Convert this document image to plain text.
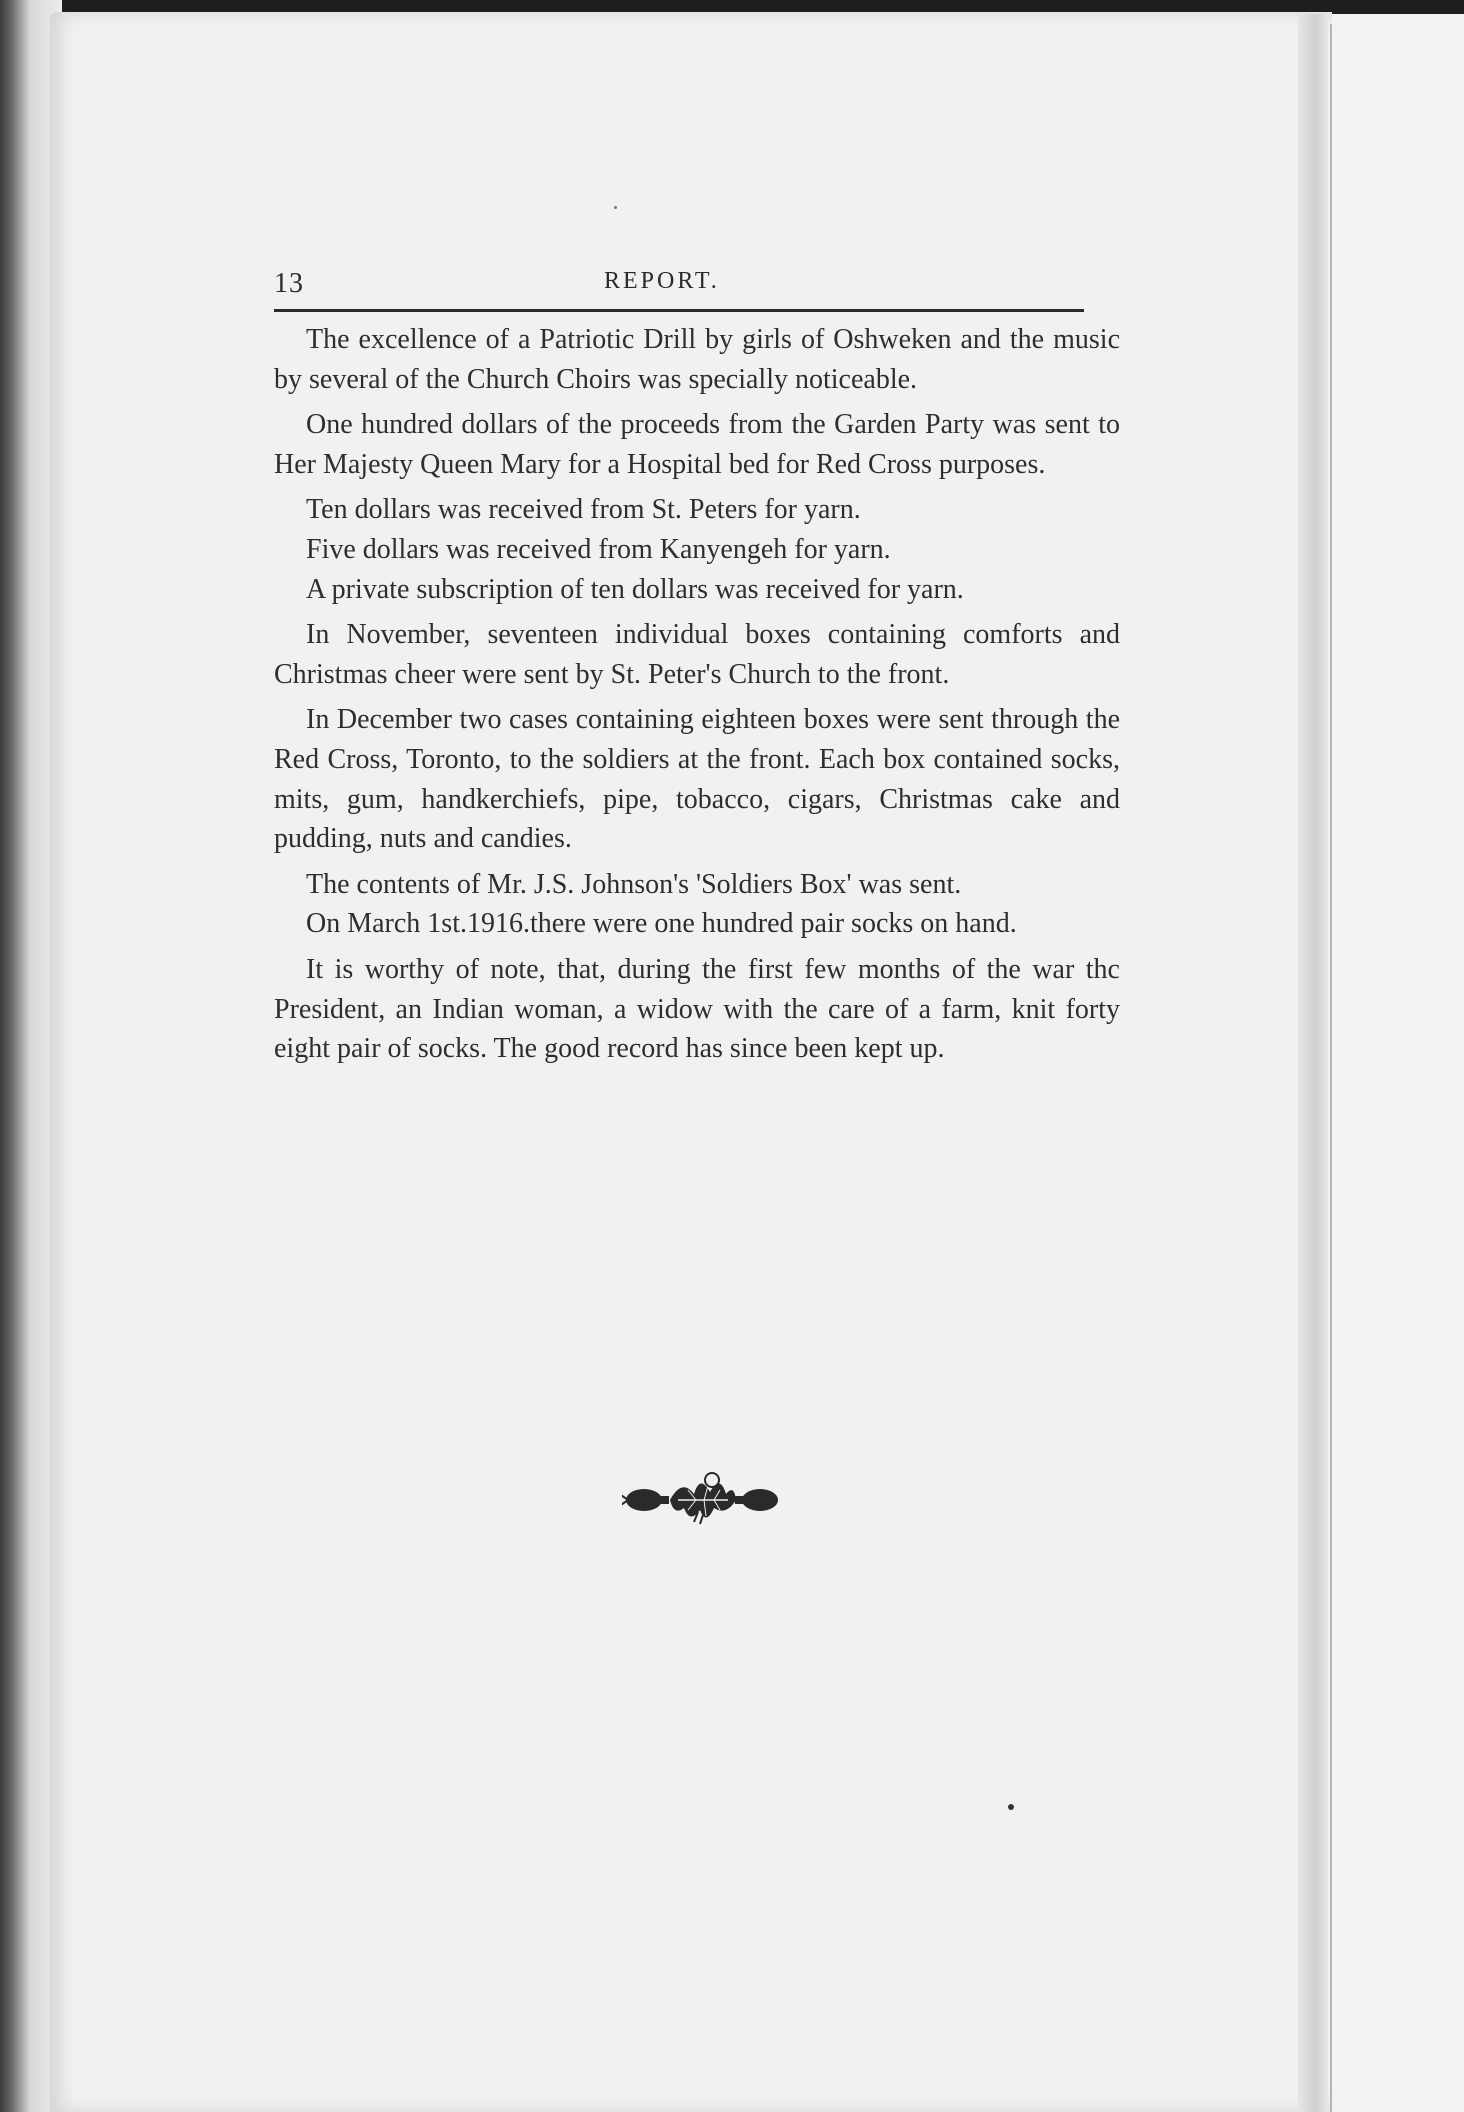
13	REPORT.

The excellence of a Patriotic Drill by girls of Oshweken and the music by several of the Church Choirs was specially noticeable.

One hundred dollars of the proceeds from the Garden Party was sent to Her Majesty Queen Mary for a Hospital bed for Red Cross purposes.

Ten dollars was received from St. Peters for yarn.

Five dollars was received from Kanyengeh for yarn.

A private subscription of ten dollars was received for yarn.

In November, seventeen individual boxes containing comforts and Christmas cheer were sent by St. Peter's Church to the front.

In December two cases containing eighteen boxes were sent through the Red Cross, Toronto, to the soldiers at the front. Each box contained socks, mits, gum, handkerchiefs, pipe, tobacco, cigars, Christmas cake and pudding, nuts and candies.

The contents of Mr. J.S. Johnson's 'Soldiers Box' was sent.

On March 1st.1916.there were one hundred pair socks on hand.

It is worthy of note, that, during the first few months of the war thc President, an Indian woman, a widow with the care of a farm, knit forty eight pair of socks. The good record has since been kept up.
